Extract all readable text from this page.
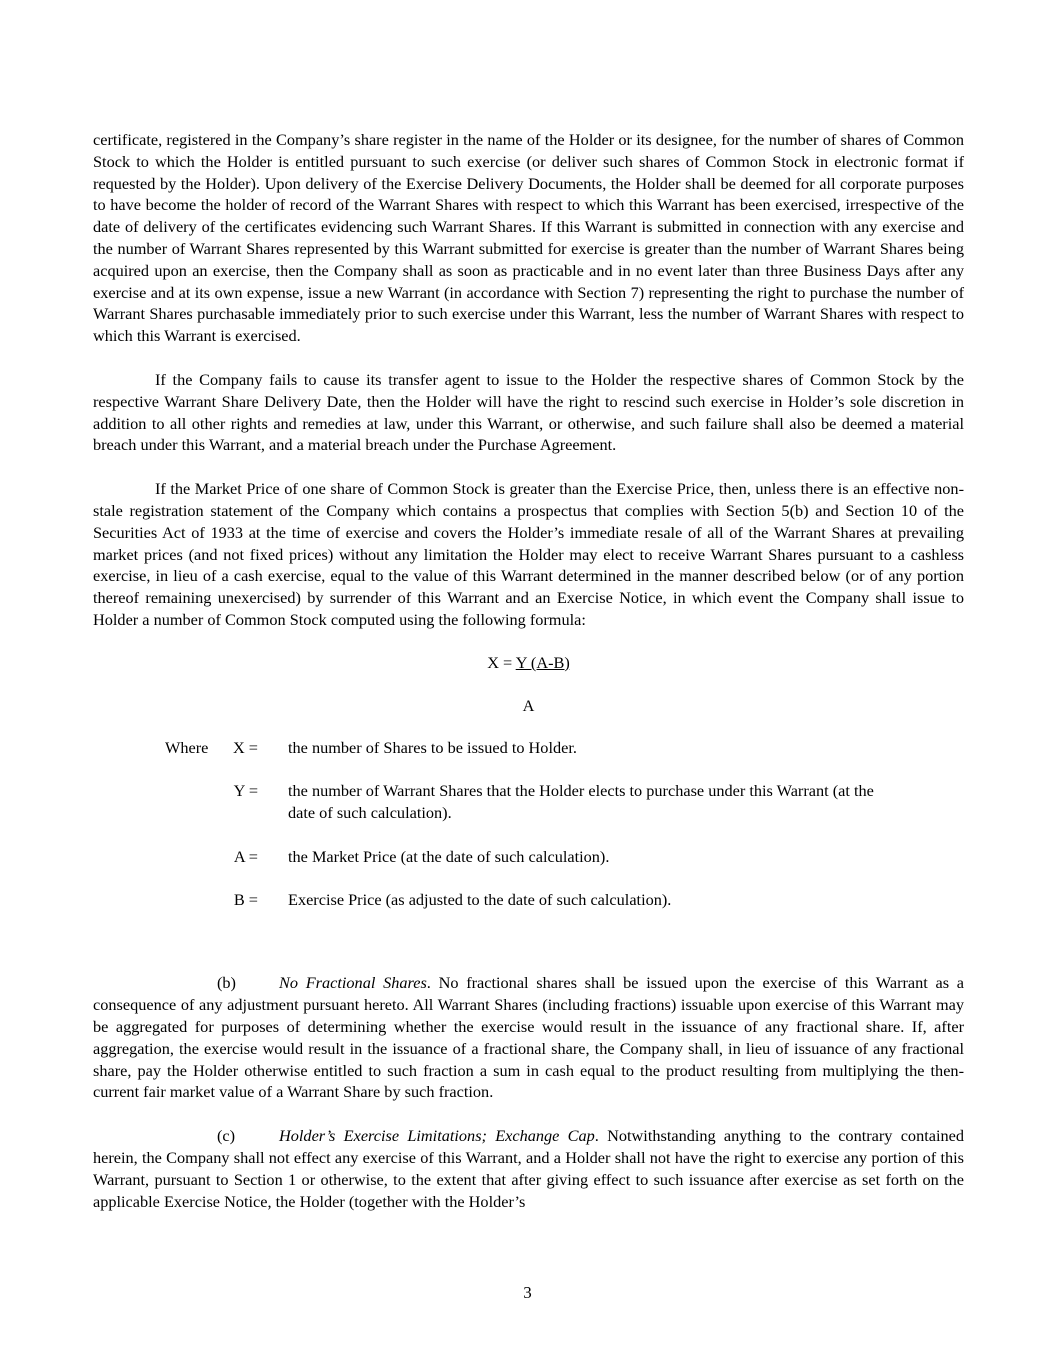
certificate, registered in the Company’s share register in the name of the Holder or its designee, for the number of shares of Common Stock to which the Holder is entitled pursuant to such exercise (or deliver such shares of Common Stock in electronic format if requested by the Holder). Upon delivery of the Exercise Delivery Documents, the Holder shall be deemed for all corporate purposes to have become the holder of record of the Warrant Shares with respect to which this Warrant has been exercised, irrespective of the date of delivery of the certificates evidencing such Warrant Shares. If this Warrant is submitted in connection with any exercise and the number of Warrant Shares represented by this Warrant submitted for exercise is greater than the number of Warrant Shares being acquired upon an exercise, then the Company shall as soon as practicable and in no event later than three Business Days after any exercise and at its own expense, issue a new Warrant (in accordance with Section 7) representing the right to purchase the number of Warrant Shares purchasable immediately prior to such exercise under this Warrant, less the number of Warrant Shares with respect to which this Warrant is exercised.

If the Company fails to cause its transfer agent to issue to the Holder the respective shares of Common Stock by the respective Warrant Share Delivery Date, then the Holder will have the right to rescind such exercise in Holder’s sole discretion in addition to all other rights and remedies at law, under this Warrant, or otherwise, and such failure shall also be deemed a material breach under this Warrant, and a material breach under the Purchase Agreement.

If the Market Price of one share of Common Stock is greater than the Exercise Price, then, unless there is an effective non-stale registration statement of the Company which contains a prospectus that complies with Section 5(b) and Section 10 of the Securities Act of 1933 at the time of exercise and covers the Holder’s immediate resale of all of the Warrant Shares at prevailing market prices (and not fixed prices) without any limitation the Holder may elect to receive Warrant Shares pursuant to a cashless exercise, in lieu of a cash exercise, equal to the value of this Warrant determined in the manner described below (or of any portion thereof remaining unexercised) by surrender of this Warrant and an Exercise Notice, in which event the Company shall issue to Holder a number of Common Stock computed using the following formula:

X = Y (A-B)

A

Where	X = the number of Shares to be issued to Holder.
Y = the number of Warrant Shares that the Holder elects to purchase under this Warrant (at the date of such calculation).
A = the Market Price (at the date of such calculation).
B = Exercise Price (as adjusted to the date of such calculation).

(b)	No Fractional Shares. No fractional shares shall be issued upon the exercise of this Warrant as a consequence of any adjustment pursuant hereto. All Warrant Shares (including fractions) issuable upon exercise of this Warrant may be aggregated for purposes of determining whether the exercise would result in the issuance of any fractional share. If, after aggregation, the exercise would result in the issuance of a fractional share, the Company shall, in lieu of issuance of any fractional share, pay the Holder otherwise entitled to such fraction a sum in cash equal to the product resulting from multiplying the then-current fair market value of a Warrant Share by such fraction.

(c)	Holder’s Exercise Limitations; Exchange Cap. Notwithstanding anything to the contrary contained herein, the Company shall not effect any exercise of this Warrant, and a Holder shall not have the right to exercise any portion of this Warrant, pursuant to Section 1 or otherwise, to the extent that after giving effect to such issuance after exercise as set forth on the applicable Exercise Notice, the Holder (together with the Holder’s

3
